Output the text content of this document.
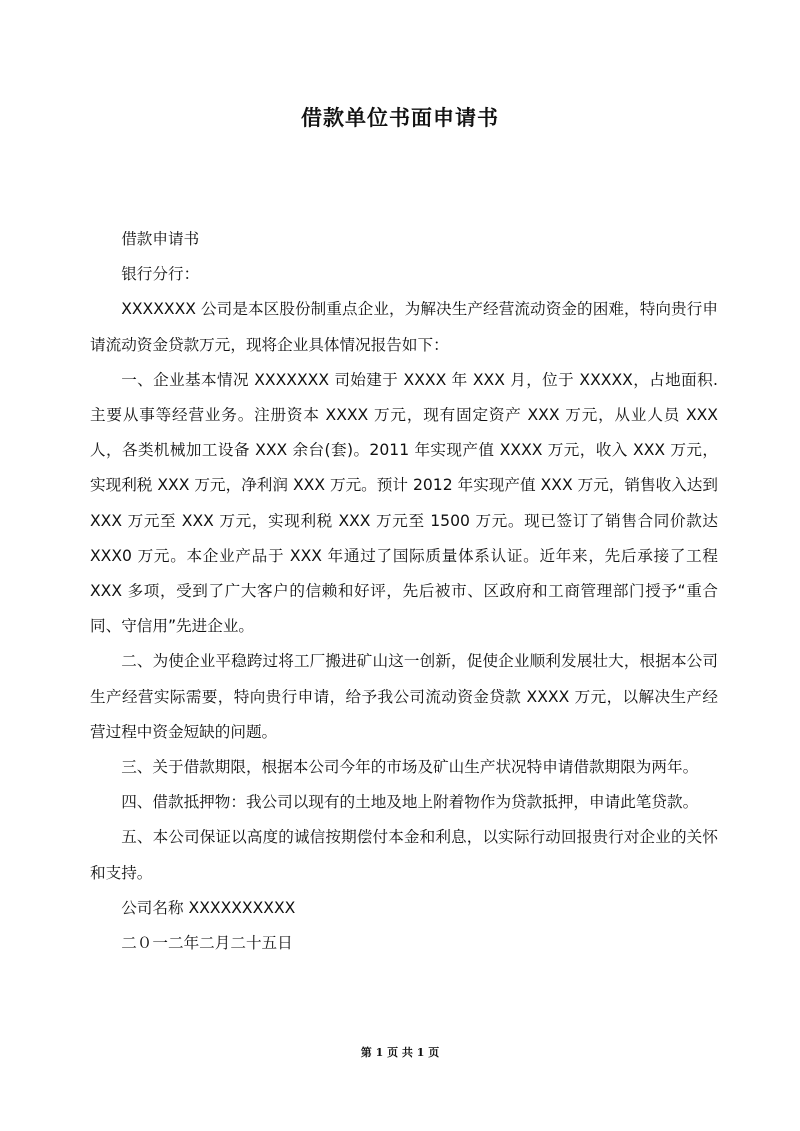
借款单位书面申请书

借款申请书

银行分行：

XXXXXXX 公司是本区股份制重点企业，为解决生产经营流动资金的困难，特向贵行申请流动资金贷款万元，现将企业具体情况报告如下：

一、企业基本情况 XXXXXXX 司始建于 XXXX 年 XXX 月，位于 XXXXX，占地面积.主要从事等经营业务。注册资本 XXXX 万元，现有固定资产 XXX 万元，从业人员 XXX 人，各类机械加工设备 XXX 余台(套)。2011 年实现产值 XXXX 万元，收入 XXX 万元，实现利税 XXX 万元，净利润 XXX 万元。预计 2012 年实现产值 XXX 万元，销售收入达到 XXX 万元至 XXX 万元，实现利税 XXX 万元至 1500 万元。现已签订了销售合同价款达 XXX0 万元。本企业产品于 XXX 年通过了国际质量体系认证。近年来，先后承接了工程 XXX 多项，受到了广大客户的信赖和好评，先后被市、区政府和工商管理部门授予“重合同、守信用”先进企业。

二、为使企业平稳跨过将工厂搬进矿山这一创新，促使企业顺利发展壮大，根据本公司生产经营实际需要，特向贵行申请，给予我公司流动资金贷款 XXXX 万元，以解决生产经营过程中资金短缺的问题。

三、关于借款期限，根据本公司今年的市场及矿山生产状况特申请借款期限为两年。

四、借款抵押物：我公司以现有的土地及地上附着物作为贷款抵押，申请此笔贷款。

五、本公司保证以高度的诚信按期偿付本金和利息，以实际行动回报贵行对企业的关怀和支持。

公司名称 XXXXXXXXXX

二０一二年二月二十五日

第 1 页 共 1 页
